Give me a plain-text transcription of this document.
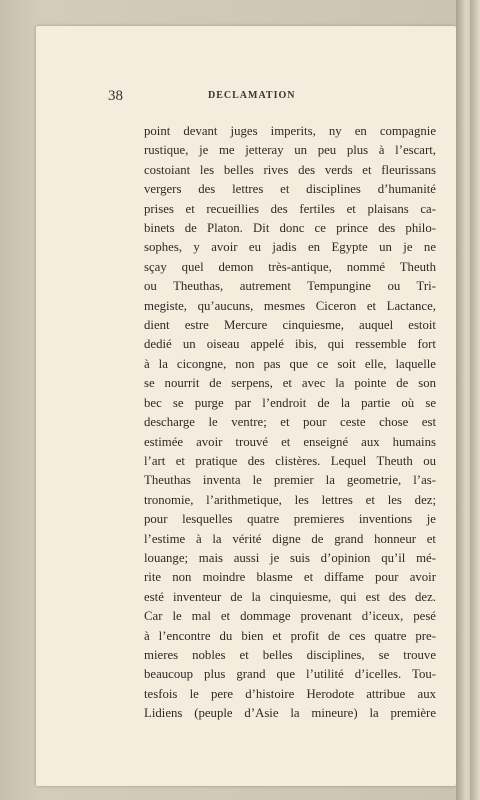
38	DECLAMATION
point devant juges imperits, ny en compagnie
rustique, je me jetteray un peu plus à l’escart,
costoiant les belles rives des verds et fleurissans
vergers des lettres et disciplines d’humanité
prises et recueillies des fertiles et plaisans ca-
binets de Platon. Dit donc ce prince des philo-
sophes, y avoir eu jadis en Egypte un je ne
sçay quel demon très-antique, nommé Theuth
ou Theuthas, autrement Tempungine ou Tri-
megiste, qu’aucuns, mesmes Ciceron et Lactance,
dient estre Mercure cinquiesme, auquel estoit
dedié un oiseau appelé ibis, qui ressemble fort
à la cicongne, non pas que ce soit elle, laquelle
se nourrit de serpens, et avec la pointe de son
bec se purge par l’endroit de la partie où se
descharge le ventre; et pour ceste chose est
estimée avoir trouvé et enseigné aux humains
l’art et pratique des clistères. Lequel Theuth ou
Theuthas inventa le premier la geometrie, l’as-
tronomie, l’arithmetique, les lettres et les dez;
pour lesquelles quatre premieres inventions je
l’estime à la vérité digne de grand honneur et
louange; mais aussi je suis d’opinion qu’il mé-
rite non moindre blasme et diffame pour avoir
esté inventeur de la cinquiesme, qui est des dez.
Car le mal et dommage provenant d’iceux, pesé
à l’encontre du bien et profit de ces quatre pre-
mieres nobles et belles disciplines, se trouve
beaucoup plus grand que l’utilité d’icelles. Tou-
tesfois le pere d’histoire Herodote attribue aux
Lidiens (peuple d’Asie la mineure) la première
